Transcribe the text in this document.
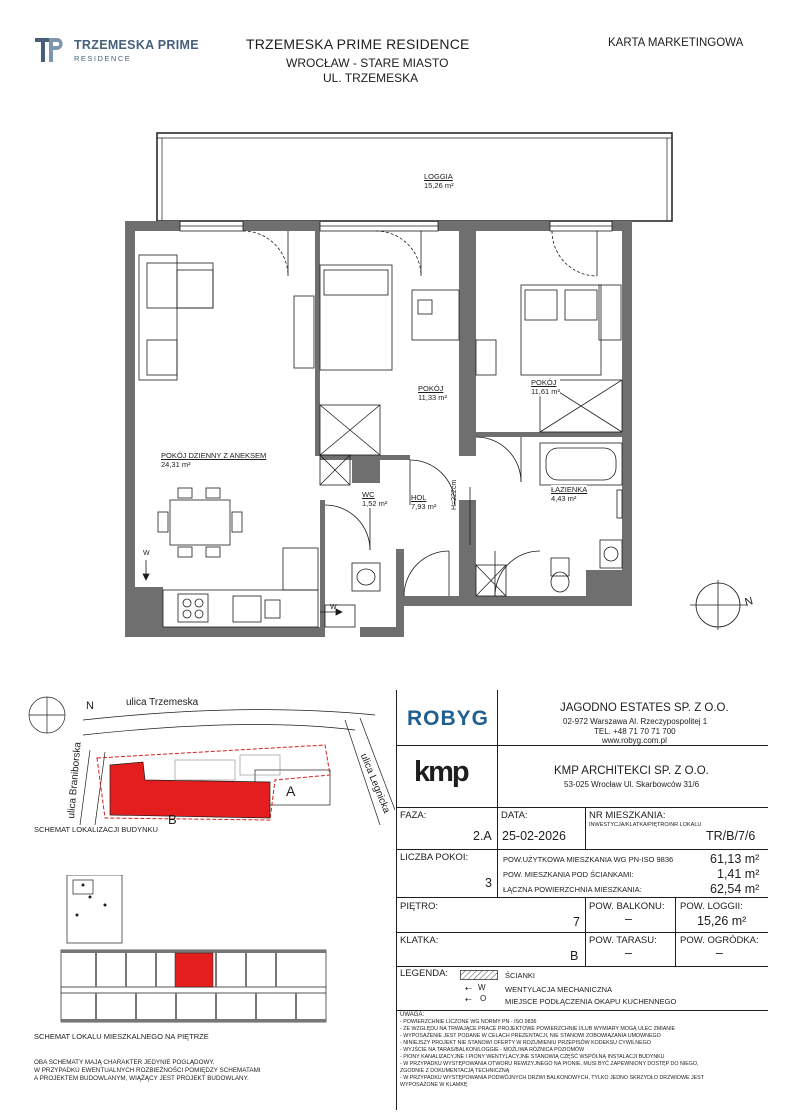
TRZEMESKA PRIME
RESIDENCE
TRZEMESKA PRIME RESIDENCE
WROCŁAW - STARE MIASTO
UL. TRZEMESKA
KARTA MARKETINGOWA
LOGGIA
15,26 m²
POKÓJ
11,33 m²
POKÓJ
11,61 m²
POKÓJ DZIENNY Z ANEKSEM
24,31 m²
ŁAZIENKA
4,43 m²
WC
1,52 m²
HOL
7,93 m² H=222cm
W
W	N
ulica Trzemeska
ulica Braniborska	ulica Legnicka
A
B
N
SCHEMAT LOKALIZACJI BUDYNKU
SCHEMAT LOKALU MIESZKALNEGO NA PIĘTRZE
OBA SCHEMATY MAJĄ CHARAKTER JEDYNIE POGLĄDOWY.
W PRZYPADKU EWENTUALNYCH ROZBIEŻNOŚCI POMIĘDZY SCHEMATAMI
A PROJEKTEM BUDOWLANYM, WIĄŻĄCY JEST PROJEKT BUDOWLANY.
ROBYG	JAGODNO ESTATES SP. Z O.O.
02-972 Warszawa Al. Rzeczypospolitej 1
TEL. +48 71 70 71 700
www.robyg.com.pl
kmp	KMP ARCHITEKCI SP. Z O.O.
53-025 Wrocław Ul. Skarbowców 31/6
FAZA:
2.A
DATA:
25-02-2026
NR MIESZKANIA:
INWESTYCJA/KLATKA/PIĘTRO/NR LOKALU
TR/B/7/6
LICZBA POKOI:
3
POW.UŻYTKOWA MIESZKANIA WG PN-ISO 9836	61,13 m²
POW. MIESZKANIA POD ŚCIANKAMI:	1,41 m²
ŁĄCZNA POWIERZCHNIA MIESZKANIA:	62,54 m²
PIĘTRO:
7
POW. BALKONU:
–
POW. LOGGII:
15,26 m²
KLATKA:
B
POW. TARASU:
–
POW. OGRÓDKA:
–
LEGENDA:	ŚCIANKI
W
⇠	WENTYLACJA MECHANICZNA
O
⇠	MIEJSCE PODŁĄCZENIA OKAPU KUCHENNEGO
UWAGA:
- POWIERZCHNIE LICZONE WG NORMY PN - ISO 9836
- ZE WZGLĘDU NA TRWAJĄCE PRACE PROJEKTOWE POWIERZCHNIE I/LUB WYMIARY MOGĄ ULEC ZMIANIE
- WYPOSAŻENIE JEST PODANE W CELACH PREZENTACJI, NIE STANOWI ZOBOWIĄZANIA UMOWNEGO
- NINIEJSZY PROJEKT NIE STANOWI OFERTY W ROZUMIENIU PRZEPISÓW KODEKSU CYWILNEGO
- WYJŚCIE NA TARAS/BALKON/LOGGIE - MOŻLIWA RÓŻNICA POZIOMÓW
- PIONY KANALIZACYJNE I PIONY WENTYLACYJNE STANOWIĄ CZĘŚĆ WSPÓLNĄ INSTALACJI BUDYNKU
- W PRZYPADKU WYSTĘPOWANIA OTWORU REWIZYJNEGO NA PIONIE, MUSI BYĆ ZAPEWNIONY DOSTĘP DO NIEGO, ZGODNIE Z DOKUMENTACJĄ TECHNICZNĄ
- W PRZYPADKU WYSTĘPOWANIA PODWÓJNYCH DRZWI BALKONOWYCH, TYLKO JEDNO SKRZYDŁO DRZWIOWE JEST WYPOSAŻONE W KLAMKĘ
